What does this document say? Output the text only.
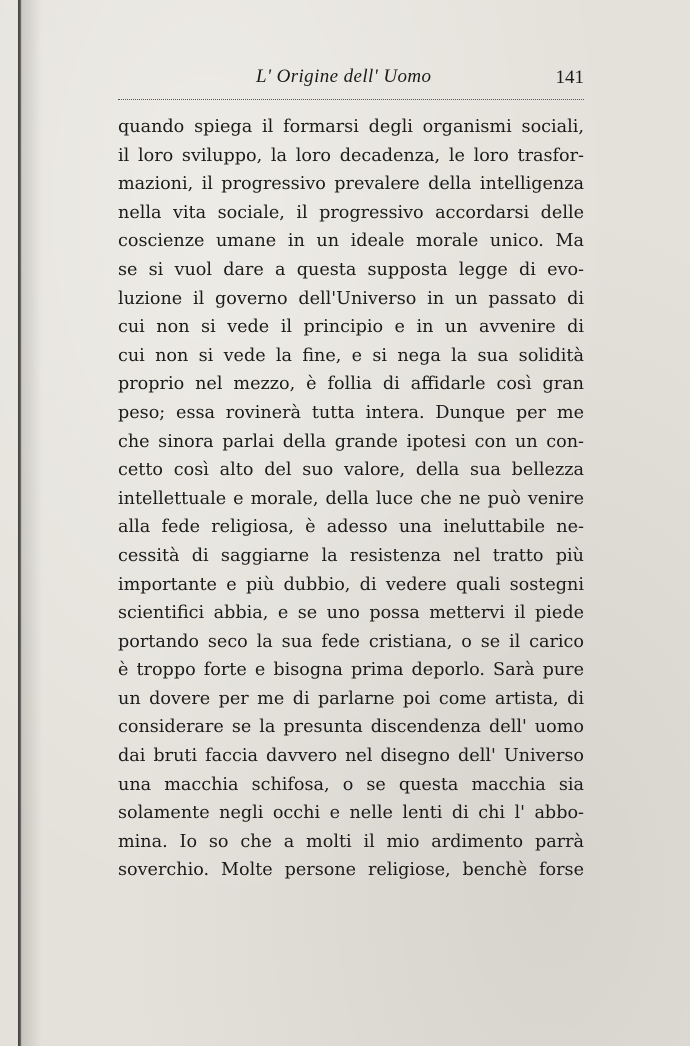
L' Origine dell' Uomo	141
quando spiega il formarsi degli organismi sociali,
il loro sviluppo, la loro decadenza, le loro trasfor-
mazioni, il progressivo prevalere della intelligenza
nella vita sociale, il progressivo accordarsi delle
coscienze umane in un ideale morale unico. Ma
se si vuol dare a questa supposta legge di evo-
luzione il governo dell'Universo in un passato di
cui non si vede il principio e in un avvenire di
cui non si vede la fine, e si nega la sua solidità
proprio nel mezzo, è follia di affidarle così gran
peso; essa rovinerà tutta intera. Dunque per me
che sinora parlai della grande ipotesi con un con-
cetto così alto del suo valore, della sua bellezza
intellettuale e morale, della luce che ne può venire
alla fede religiosa, è adesso una ineluttabile ne-
cessità di saggiarne la resistenza nel tratto più
importante e più dubbio, di vedere quali sostegni
scientifici abbia, e se uno possa mettervi il piede
portando seco la sua fede cristiana, o se il carico
è troppo forte e bisogna prima deporlo. Sarà pure
un dovere per me di parlarne poi come artista, di
considerare se la presunta discendenza dell' uomo
dai bruti faccia davvero nel disegno dell' Universo
una macchia schifosa, o se questa macchia sia
solamente negli occhi e nelle lenti di chi l' abbo-
mina. Io so che a molti il mio ardimento parrà
soverchio. Molte persone religiose, benchè forse
